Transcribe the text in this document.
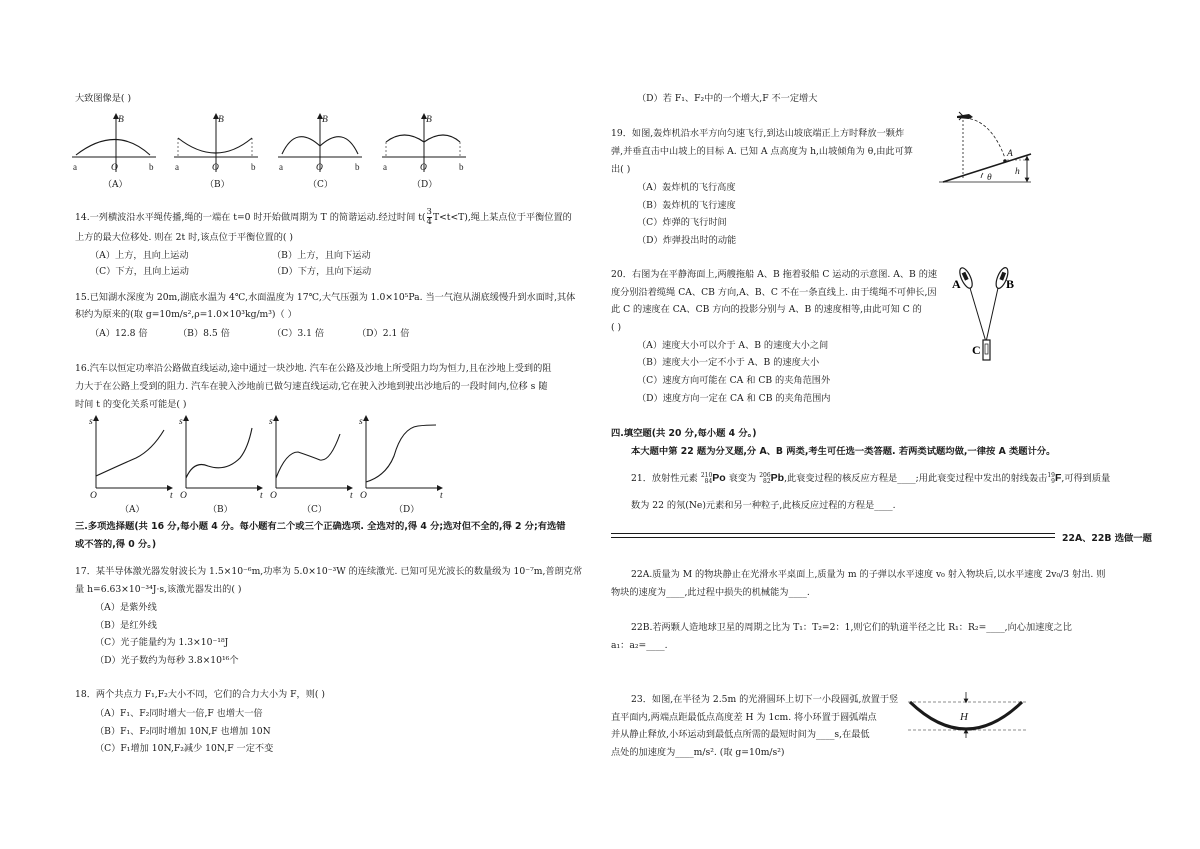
大致图像是( )
B
O
a	b
B
O
a	b
B
O
a	b
B
O
a	b
（A）	（B）	（C）	（D）
14.一列横波沿水平绳传播,绳的一端在 t=0 时开始做周期为 T 的简谐运动.经过时间 $t( \frac{3}{4} T<t<T)$,绳上某点位于平衡位置的
上方的最大位移处. 则在 2t 时,该点位于平衡位置的( )
（A）上方，且向上运动	（B）上方，且向下运动
（C）下方，且向上运动	（D）下方，且向下运动
15.已知湖水深度为 20m,湖底水温为 4℃,水面温度为 17℃,大气压强为 1.0×10⁵Pa. 当一气泡从湖底缓慢升到水面时,其体
积约为原来的(取 g=10m/s²,ρ=1.0×10³kg/m³)（ ）
（A）12.8 倍	（B）8.5 倍	（C）3.1 倍	（D）2.1 倍
16.汽车以恒定功率沿公路做直线运动,途中通过一块沙地. 汽车在公路及沙地上所受阻力均为恒力,且在沙地上受到的阻
力大于在公路上受到的阻力. 汽车在驶入沙地前已做匀速直线运动,它在驶入沙地到驶出沙地后的一段时间内,位移 s 随
时间 t 的变化关系可能是( )
s
O	t
s
O	t
s
O	t
s
O	t
（A）	（B）	（C）	（D）
三.多项选择题(共 16 分,每小题 4 分。每小题有二个或三个正确选项. 全选对的,得 4 分;选对但不全的,得 2 分;有选错
或不答的,得 0 分。)
17．某半导体激光器发射波长为 1.5×10⁻⁶m,功率为 5.0×10⁻³W 的连续激光. 已知可见光波长的数量级为 10⁻⁷m,普朗克常
量 h=6.63×10⁻³⁴J·s,该激光器发出的( )
（A）是紫外线
（B）是红外线
（C）光子能量约为 1.3×10⁻¹⁸J
（D）光子数约为每秒 3.8×10¹⁶个
18．两个共点力 F₁,F₂大小不同，它们的合力大小为 F，则( )
（A）F₁、F₂同时增大一倍,F 也增大一倍
（B）F₁、F₂同时增加 10N,F 也增加 10N
（C）F₁增加 10N,F₂减少 10N,F 一定不变
（D）若 F₁、F₂中的一个增大,F 不一定增大
19．如图,轰炸机沿水平方向匀速飞行,到达山坡底端正上方时释放一颗炸
弹,并垂直击中山坡上的目标 A. 已知 A 点高度为 h,山坡倾角为 θ,由此可算
出( )
（A）轰炸机的飞行高度
（B）轰炸机的飞行速度
（C）炸弹的飞行时间
（D）炸弹投出时的动能
A
h
θ
20．右图为在平静海面上,两艘拖船 A、B 拖着驳船 C 运动的示意图. A、B 的速
度分别沿着缆绳 CA、CB 方向,A、B、C 不在一条直线上. 由于缆绳不可伸长,因
此 C 的速度在 CA、CB 方向的投影分别与 A、B 的速度相等,由此可知 C 的
( )
（A）速度大小可以介于 A、B 的速度大小之间
（B）速度大小一定不小于 A、B 的速度大小
（C）速度方向可能在 CA 和 CB 的夹角范围外
（D）速度方向一定在 CA 和 CB 的夹角范围内
A	B
C
四.填空题(共 20 分,每小题 4 分。)
本大题中第 22 题为分叉题,分 A、B 两类,考生可任选一类答题. 若两类试题均做,一律按 A 类题计分。
21．放射性元素 210
84 Po 衰变为 206
82 Pb,此衰变过程的核反应方程是____;用此衰变过程中发出的射线轰击 19
9 F,可得到质量
数为 22 的氖(Ne)元素和另一种粒子,此核反应过程的方程是____.
22A、22B 选做一题
22A.质量为 M 的物块静止在光滑水平桌面上,质量为 m 的子弹以水平速度 v₀ 射入物块后,以水平速度 2v₀/3 射出. 则
物块的速度为____,此过程中损失的机械能为____.
22B.若两颗人造地球卫星的周期之比为 T₁：T₂=2：1,则它们的轨道半径之比 R₁：R₂=____,向心加速度之比
a₁：a₂=____.
23．如图,在半径为 2.5m 的光滑圆环上切下一小段圆弧,放置于竖
直平面内,两端点距最低点高度差 H 为 1cm. 将小环置于圆弧端点
并从静止释放,小环运动到最低点所需的最短时间为____s,在最低
点处的加速度为____m/s². (取 g=10m/s²)
H
